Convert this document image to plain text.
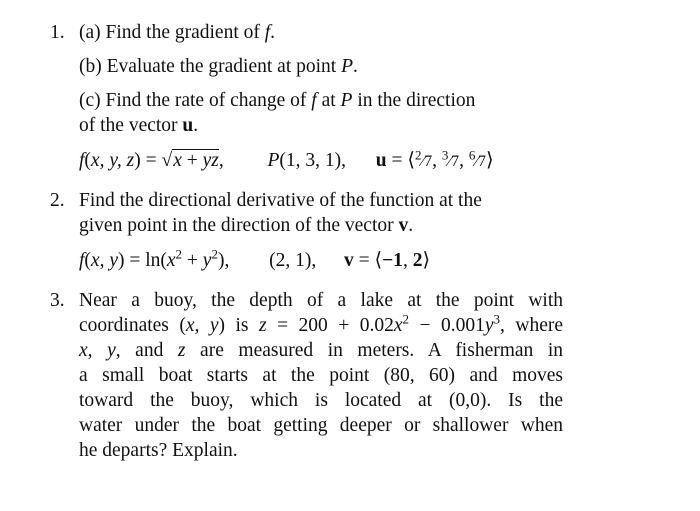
1. (a) Find the gradient of f.
(b) Evaluate the gradient at point P.
(c) Find the rate of change of f at P in the direction
of the vector u.
f(x, y, z) = √x + yz,  P(1, 3, 1),  u = ⟨$^2$⁄7, $^3$⁄7, $^6$⁄7⟩
2. Find the directional derivative of the function at the
given point in the direction of the vector v.
f(x, $y) = \ln(x^2 + y^2)$,  (2, 1),  v = ⟨−1, 2⟩
3. Near a buoy, the depth of a lake at the point with
coordinates (x, y) is $z = 200 + 0.02x^2 - 0.001y^3$, where
x, y, and z are measured in meters. A fisherman in
a small boat starts at the point (80, 60) and moves
toward the buoy, which is located at (0,0). Is the
water under the boat getting deeper or shallower when
he departs? Explain.
